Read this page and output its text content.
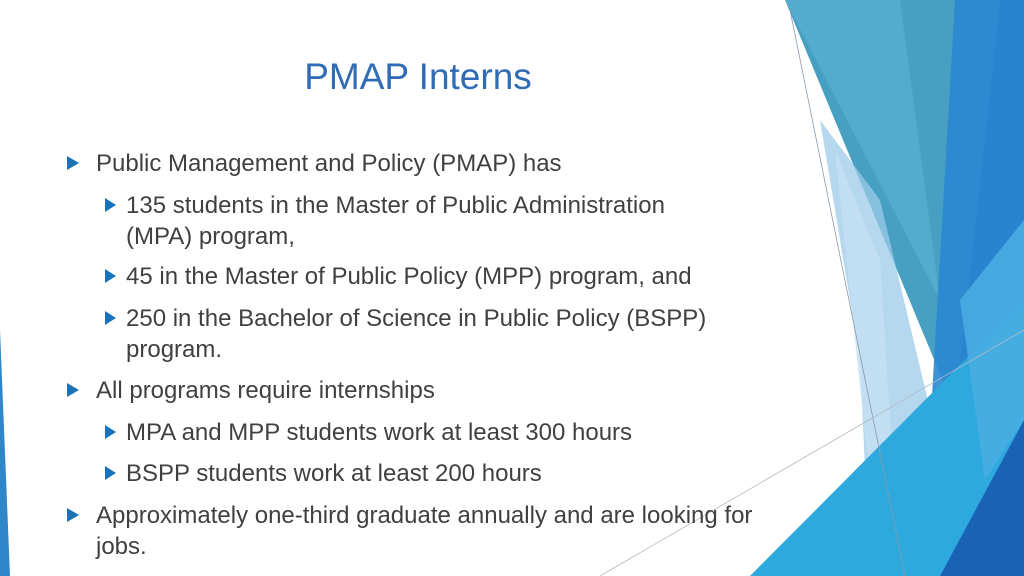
PMAP Interns
Public Management and Policy (PMAP) has
135 students in the Master of Public Administration (MPA) program,
45 in the Master of Public Policy (MPP) program, and
250 in the Bachelor of Science in Public Policy (BSPP) program.
All programs require internships
MPA and MPP students work at least 300 hours
BSPP students work at least 200 hours
Approximately one-third graduate annually and are looking for jobs.
